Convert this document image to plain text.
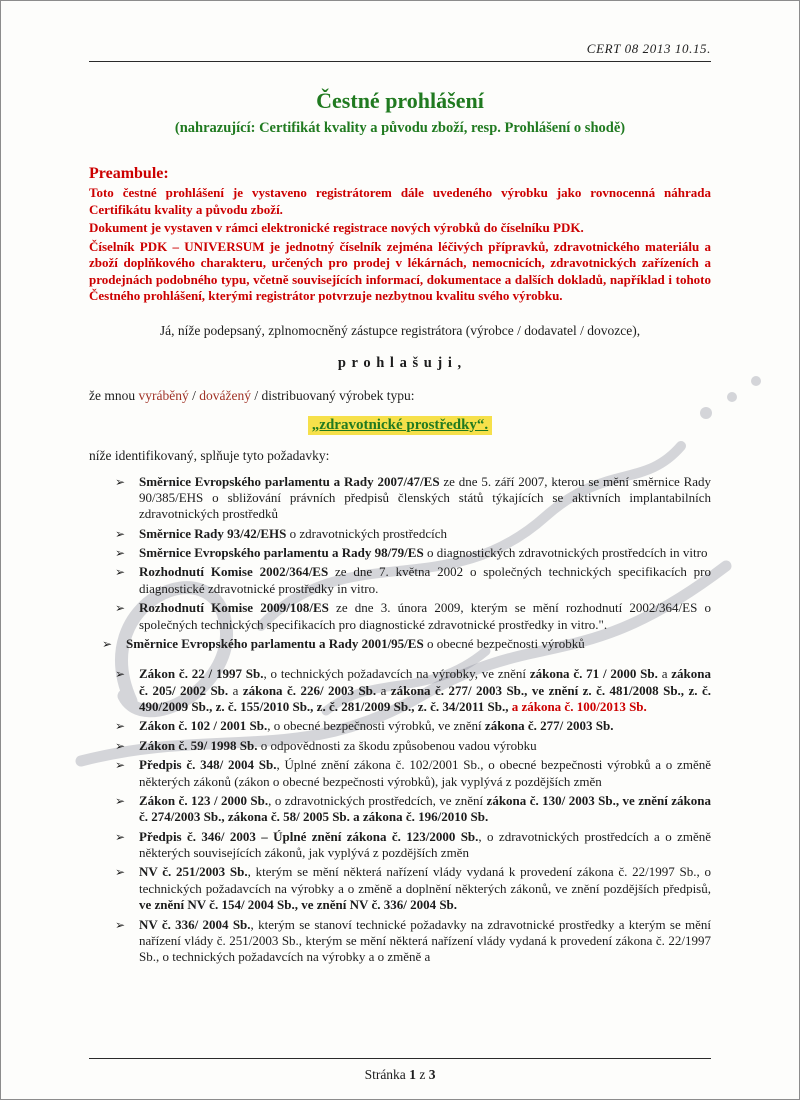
CERT 08 2013 10.15.
Čestné prohlášení
(nahrazující: Certifikát kvality a původu zboží, resp. Prohlášení o shodě)
Preambule:

Toto čestné prohlášení je vystaveno registrátorem dále uvedeného výrobku jako rovnocenná náhrada Certifikátu kvality a původu zboží.

Dokument je vystaven v rámci elektronické registrace nových výrobků do číselníku PDK.

Číselník PDK – UNIVERSUM je jednotný číselník zejména léčivých přípravků, zdravotnického materiálu a zboží doplňkového charakteru, určených pro prodej v lékárnách, nemocnicích, zdravotnických zařízeních a prodejnách podobného typu, včetně souvisejících informací, dokumentace a dalších dokladů, například i tohoto Čestného prohlášení, kterými registrátor potvrzuje nezbytnou kvalitu svého výrobku.

Já, níže podepsaný, zplnomocněný zástupce registrátora (výrobce / dodavatel / dovozce),

p r o h l a š u j i ,

že mnou vyráběný / dovážený / distribuovaný výrobek typu:

„zdravotnické prostředky“.

níže identifikovaný, splňuje tyto požadavky:

➢	Směrnice Evropského parlamentu a Rady 2007/47/ES ze dne 5. září 2007, kterou se mění směrnice Rady 90/385/EHS o sbližování právních předpisů členských států týkajících se aktivních implantabilních zdravotnických prostředků
➢	Směrnice Rady 93/42/EHS o zdravotnických prostředcích
➢	Směrnice Evropského parlamentu a Rady 98/79/ES o diagnostických zdravotnických prostředcích in vitro
➢	Rozhodnutí Komise 2002/364/ES ze dne 7. května 2002 o společných technických specifikacích pro diagnostické zdravotnické prostředky in vitro.
➢	Rozhodnutí Komise 2009/108/ES ze dne 3. února 2009, kterým se mění rozhodnutí 2002/364/ES o společných technických specifikacích pro diagnostické zdravotnické prostředky in vitro.".
➢	Směrnice Evropského parlamentu a Rady 2001/95/ES o obecné bezpečnosti výrobků
➢	Zákon č. 22 / 1997 Sb., o technických požadavcích na výrobky, ve znění zákona č. 71 / 2000 Sb. a zákona č. 205/ 2002 Sb. a zákona č. 226/ 2003 Sb. a zákona č. 277/ 2003 Sb., ve znění z. č. 481/2008 Sb., z. č. 490/2009 Sb., z. č. 155/2010 Sb., z. č. 281/2009 Sb., z. č. 34/2011 Sb., a zákona č. 100/2013 Sb.
➢	Zákon č. 102 / 2001 Sb., o obecné bezpečnosti výrobků, ve znění zákona č. 277/ 2003 Sb.
➢	Zákon č. 59/ 1998 Sb. o odpovědnosti za škodu způsobenou vadou výrobku
➢	Předpis č. 348/ 2004 Sb., Úplné znění zákona č. 102/2001 Sb., o obecné bezpečnosti výrobků a o změně některých zákonů (zákon o obecné bezpečnosti výrobků), jak vyplývá z pozdějších změn
➢	Zákon č. 123 / 2000 Sb., o zdravotnických prostředcích, ve znění zákona č. 130/ 2003 Sb., ve znění zákona č. 274/2003 Sb., zákona č. 58/ 2005 Sb. a zákona č. 196/2010 Sb.
➢	Předpis č. 346/ 2003 – Úplné znění zákona č. 123/2000 Sb., o zdravotnických prostředcích a o změně některých souvisejících zákonů, jak vyplývá z pozdějších změn
➢	NV č. 251/2003 Sb., kterým se mění některá nařízení vlády vydaná k provedení zákona č. 22/1997 Sb., o technických požadavcích na výrobky a o změně a doplnění některých zákonů, ve znění pozdějších předpisů, ve znění NV č. 154/ 2004 Sb., ve znění NV č. 336/ 2004 Sb.
➢	NV č. 336/ 2004 Sb., kterým se stanoví technické požadavky na zdravotnické prostředky a kterým se mění nařízení vlády č. 251/2003 Sb., kterým se mění některá nařízení vlády vydaná k provedení zákona č. 22/1997 Sb., o technických požadavcích na výrobky a o změně a
Stránka 1 z 3
